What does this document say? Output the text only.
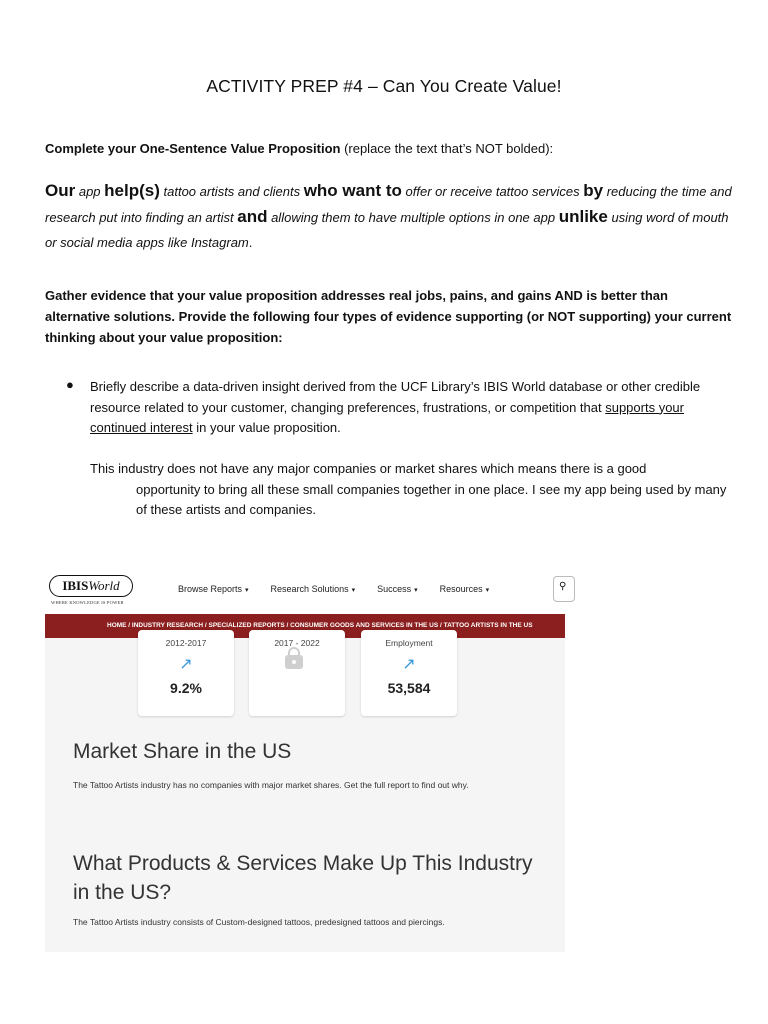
ACTIVITY PREP #4 – Can You Create Value!
Complete your One-Sentence Value Proposition (replace the text that’s NOT bolded):
Our app help(s) tattoo artists and clients who want to offer or receive tattoo services by reducing the time and research put into finding an artist and allowing them to have multiple options in one app unlike using word of mouth or social media apps like Instagram.
Gather evidence that your value proposition addresses real jobs, pains, and gains AND is better than alternative solutions. Provide the following four types of evidence supporting (or NOT supporting) your current thinking about your value proposition:
● Briefly describe a data-driven insight derived from the UCF Library’s IBIS World database or other credible resource related to your customer, changing preferences, frustrations, or competition that supports your continued interest in your value proposition.
This industry does not have any major companies or market shares which means there is a good
opportunity to bring all these small companies together in one place. I see my app being used by many of these artists and companies.
IBISWorld
WHERE KNOWLEDGE IS POWER
Browse Reports ▾ Research Solutions ▾ Success ▾ Resources ▾	⚲
HOME / INDUSTRY RESEARCH / SPECIALIZED REPORTS / CONSUMER GOODS AND SERVICES IN THE US / TATTOO ARTISTS IN THE US
2012-2017
↗
9.2%
2017 - 2022	Employment
↗
53,584
Market Share in the US
The Tattoo Artists industry has no companies with major market shares. Get the full report to find out why.
What Products & Services Make Up This Industry in the US?
The Tattoo Artists industry consists of Custom-designed tattoos, predesigned tattoos and piercings.
